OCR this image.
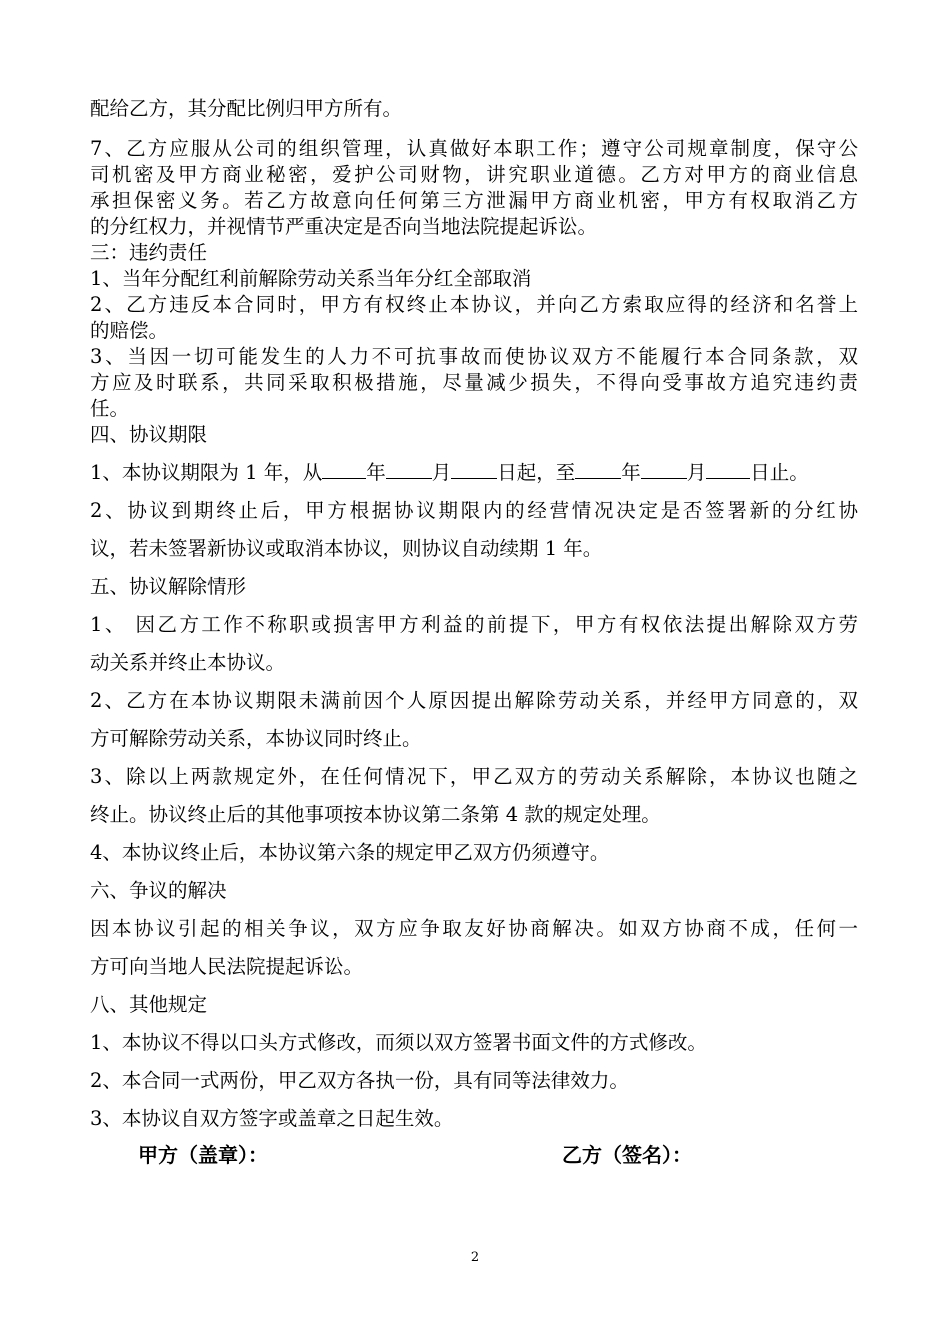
配给乙方，其分配比例归甲方所有。
7、乙方应服从公司的组织管理，认真做好本职工作；遵守公司规章制度，保守公
司机密及甲方商业秘密，爱护公司财物，讲究职业道德。乙方对甲方的商业信息
承担保密义务。若乙方故意向任何第三方泄漏甲方商业机密，甲方有权取消乙方
的分红权力，并视情节严重决定是否向当地法院提起诉讼。
三：违约责任
1、当年分配红利前解除劳动关系当年分红全部取消
2、乙方违反本合同时，甲方有权终止本协议，并向乙方索取应得的经济和名誉上
的赔偿。
3、当因一切可能发生的人力不可抗事故而使协议双方不能履行本合同条款，双
方应及时联系，共同采取积极措施，尽量减少损失，不得向受事故方追究违约责
任。
四、协议期限
1、本协议期限为 1 年，从 年 月 日起，至 年 月 日止。
2、协议到期终止后，甲方根据协议期限内的经营情况决定是否签署新的分红协
议，若未签署新协议或取消本协议，则协议自动续期 1 年。
五、协议解除情形
1、 因乙方工作不称职或损害甲方利益的前提下，甲方有权依法提出解除双方劳
动关系并终止本协议。
2、乙方在本协议期限未满前因个人原因提出解除劳动关系，并经甲方同意的，双
方可解除劳动关系，本协议同时终止。
3、除以上两款规定外，在任何情况下，甲乙双方的劳动关系解除，本协议也随之
终止。协议终止后的其他事项按本协议第二条第 4 款的规定处理。
4、本协议终止后，本协议第六条的规定甲乙双方仍须遵守。
六、争议的解决
因本协议引起的相关争议，双方应争取友好协商解决。如双方协商不成，任何一
方可向当地人民法院提起诉讼。
八、其他规定
1、本协议不得以口头方式修改，而须以双方签署书面文件的方式修改。
2、本合同一式两份，甲乙双方各执一份，具有同等法律效力。
3、本协议自双方签字或盖章之日起生效。
甲方（盖章）：	乙方（签名）：
2
